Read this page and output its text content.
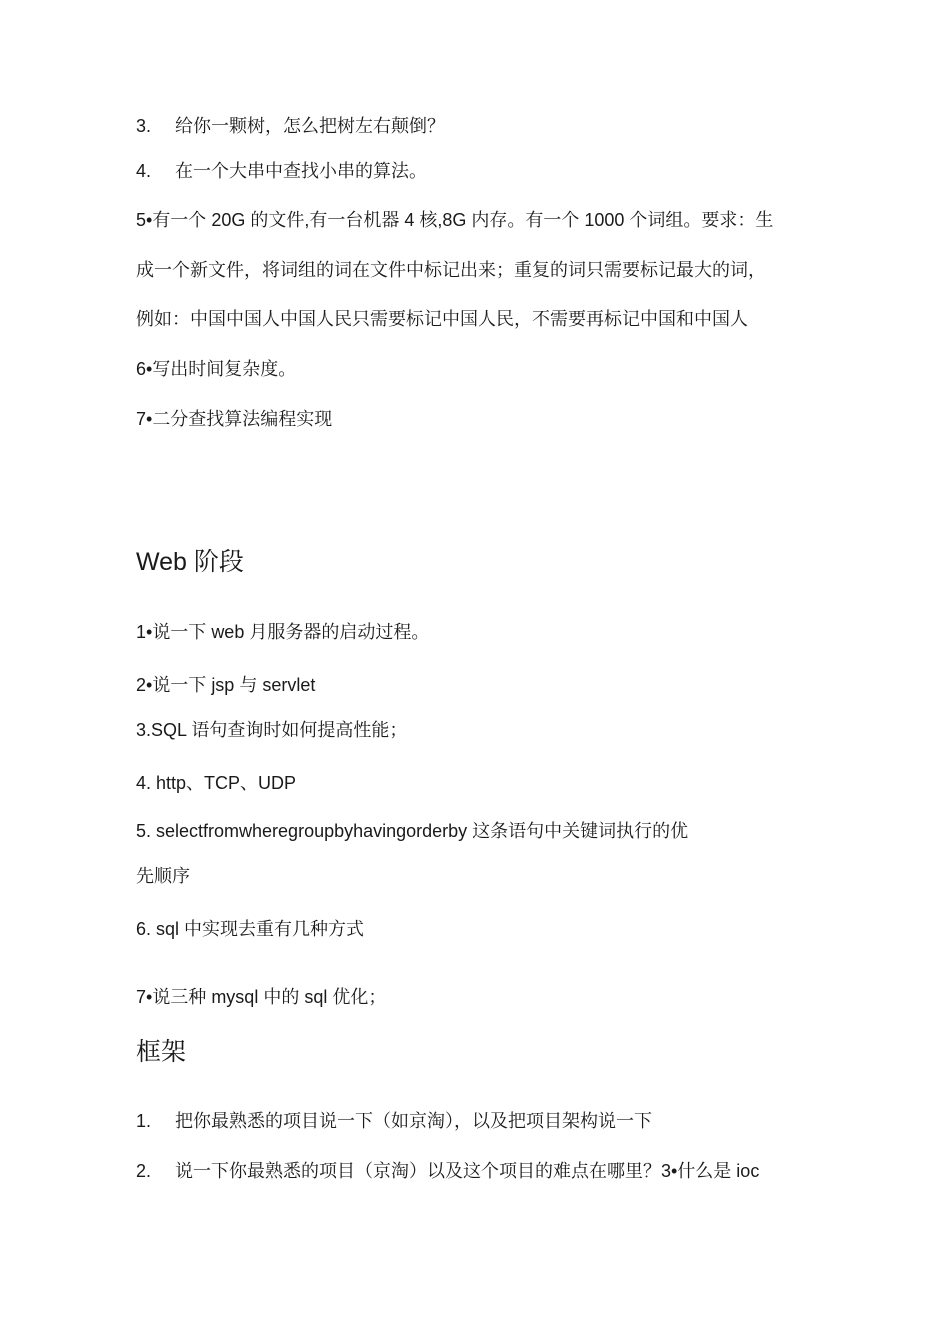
3. 给你一颗树，怎么把树左右颠倒？
4. 在一个大串中查找小串的算法。
5•有一个 20G 的文件,有一台机器 4 核,8G 内存。有一个 1000 个词组。要求：生
成一个新文件，将词组的词在文件中标记出来；重复的词只需要标记最大的词，
例如：中国中国人中国人民只需要标记中国人民，不需要再标记中国和中国人
6•写出时间复杂度。
7•二分查找算法编程实现
Web 阶段
1•说一下 web 月服务器的启动过程。
2•说一下 jsp 与 servlet
3.SQL 语句查询时如何提高性能；
4. http、TCP、UDP
5. selectfromwheregroupbyhavingorderby 这条语句中关键词执行的优
先顺序
6. sql 中实现去重有几种方式
7•说三种 mysql 中的 sql 优化；
框架
1. 把你最熟悉的项目说一下（如京淘），以及把项目架构说一下
2. 说一下你最熟悉的项目（京淘）以及这个项目的难点在哪里？3•什么是 ioc
